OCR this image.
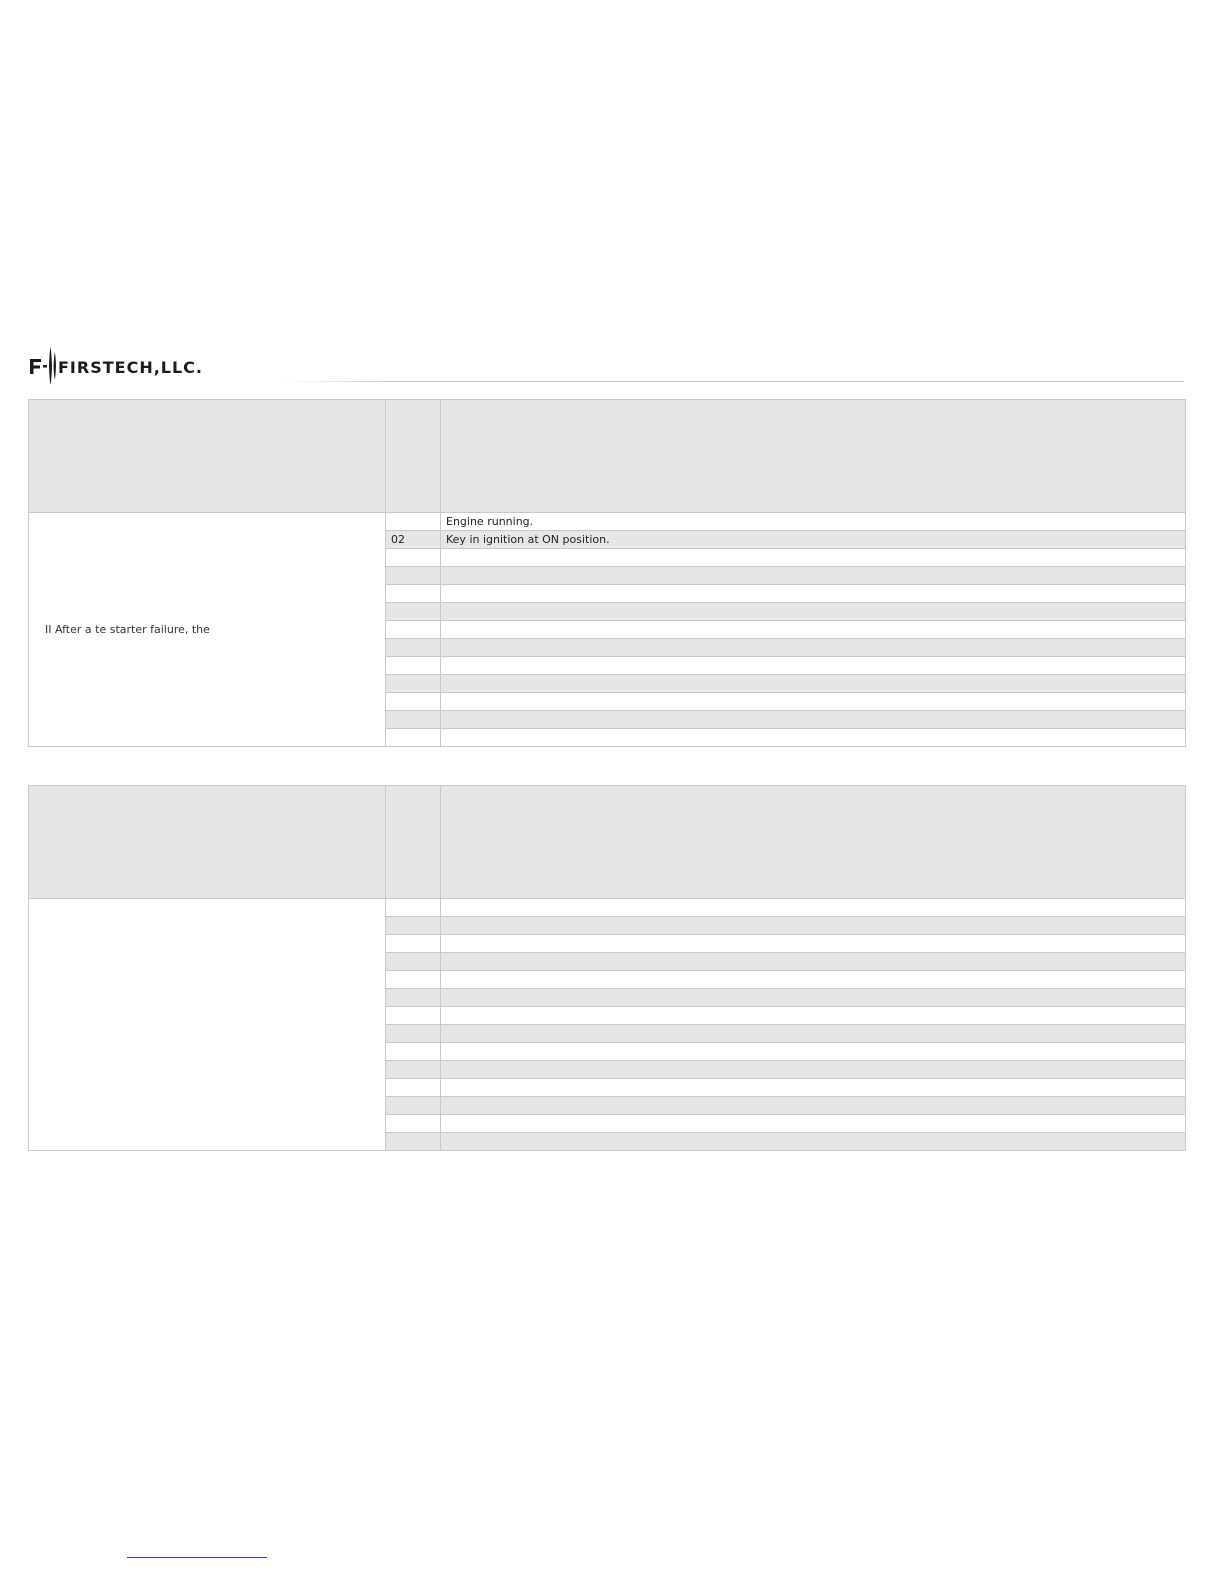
FIRSTECH,LLC.

II After a te starter failure, the		Engine running.
	02	Key in ignition at ON position.
